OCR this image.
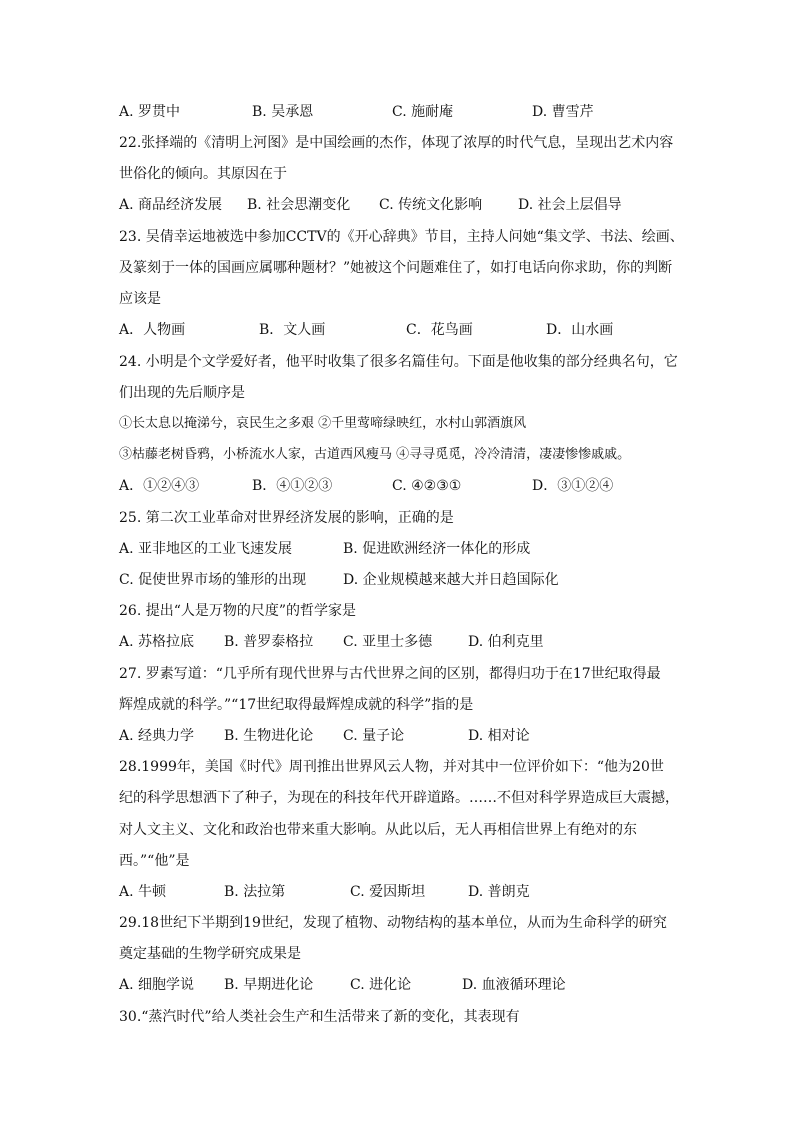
A. 罗贯中	B. 吴承恩	C. 施耐庵	D. 曹雪芹
22.张择端的《清明上河图》是中国绘画的杰作，体现了浓厚的时代气息，呈现出艺术内容
世俗化的倾向。其原因在于
A. 商品经济发展 B. 社会思潮变化 C. 传统文化影响	D. 社会上层倡导
23. 吴倩幸运地被选中参加CCTV的《开心辞典》节目，主持人问她“集文学、书法、绘画、
及篆刻于一体的国画应属哪种题材？”她被这个问题难住了，如打电话向你求助，你的判断
应该是
A．人物画	B．文人画	C．花鸟画	D．山水画
24. 小明是个文学爱好者，他平时收集了很多名篇佳句。下面是他收集的部分经典名句，它
们出现的先后顺序是
①长太息以掩涕兮，哀民生之多艰 ②千里莺啼绿映红，水村山郭酒旗风
③枯藤老树昏鸦，小桥流水人家，古道西风瘦马 ④寻寻觅觅，冷冷清清，凄凄惨惨戚戚。
A．①②④③	B．④①②③	C. ④②③①	D．③①②④
25. 第二次工业革命对世界经济发展的影响，正确的是
A. 亚非地区的工业飞速发展	B. 促进欧洲经济一体化的形成
C. 促使世界市场的雏形的出现	D. 企业规模越来越大并日趋国际化
26. 提出“人是万物的尺度”的哲学家是
A. 苏格拉底 B. 普罗泰格拉 C. 亚里士多德	D. 伯利克里
27. 罗素写道：“几乎所有现代世界与古代世界之间的区别，都得归功于在17世纪取得最
辉煌成就的科学。”“17世纪取得最辉煌成就的科学”指的是
A. 经典力学 B. 生物进化论 C. 量子论	D. 相对论
28.1999年，美国《时代》周刊推出世界风云人物，并对其中一位评价如下：“他为20世
纪的科学思想洒下了种子，为现在的科技年代开辟道路。……不但对科学界造成巨大震撼，
对人文主义、文化和政治也带来重大影响。从此以后，无人再相信世界上有绝对的东
西。”“他”是
A. 牛顿	B. 法拉第	C. 爱因斯坦	D. 普朗克
29.18世纪下半期到19世纪，发现了植物、动物结构的基本单位，从而为生命科学的研究
奠定基础的生物学研究成果是
A. 细胞学说 B. 早期进化论	C. 进化论	D. 血液循环理论
30.“蒸汽时代”给人类社会生产和生活带来了新的变化，其表现有
